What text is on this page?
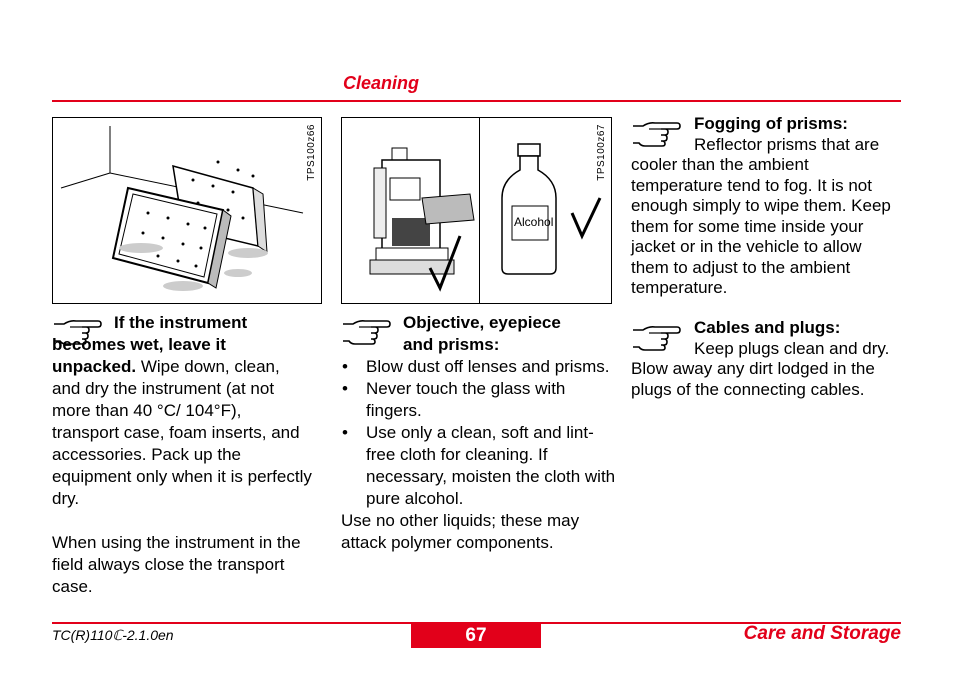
Cleaning
TPS100z66	TPS100z67
Alcohol

If the instrument becomes wet, leave it unpacked. Wipe down, clean, and dry the instrument (at not more than 40 °C/ 104°F), transport case, foam inserts, and accessories. Pack up the equipment only when it is perfectly dry.

When using the instrument in the field always close the transport case.

Objective, eyepiece and prisms:

• Blow dust off lenses and prisms.
• Never touch the glass with fingers.
• Use only a clean, soft and lint-free cloth for cleaning. If necessary, moisten the cloth with pure alcohol.

Use no other liquids; these may attack polymer components.

Fogging of prisms:
Reflector prisms that are cooler than the ambient temperature tend to fog. It is not enough simply to wipe them. Keep them for some time inside your jacket or in the vehicle to allow them to adjust to the ambient temperature.

Cables and plugs:
Keep plugs clean and dry. Blow away any dirt lodged in the plugs of the connecting cables.

TC(R)110ℂ-2.1.0en	67	Care and Storage
